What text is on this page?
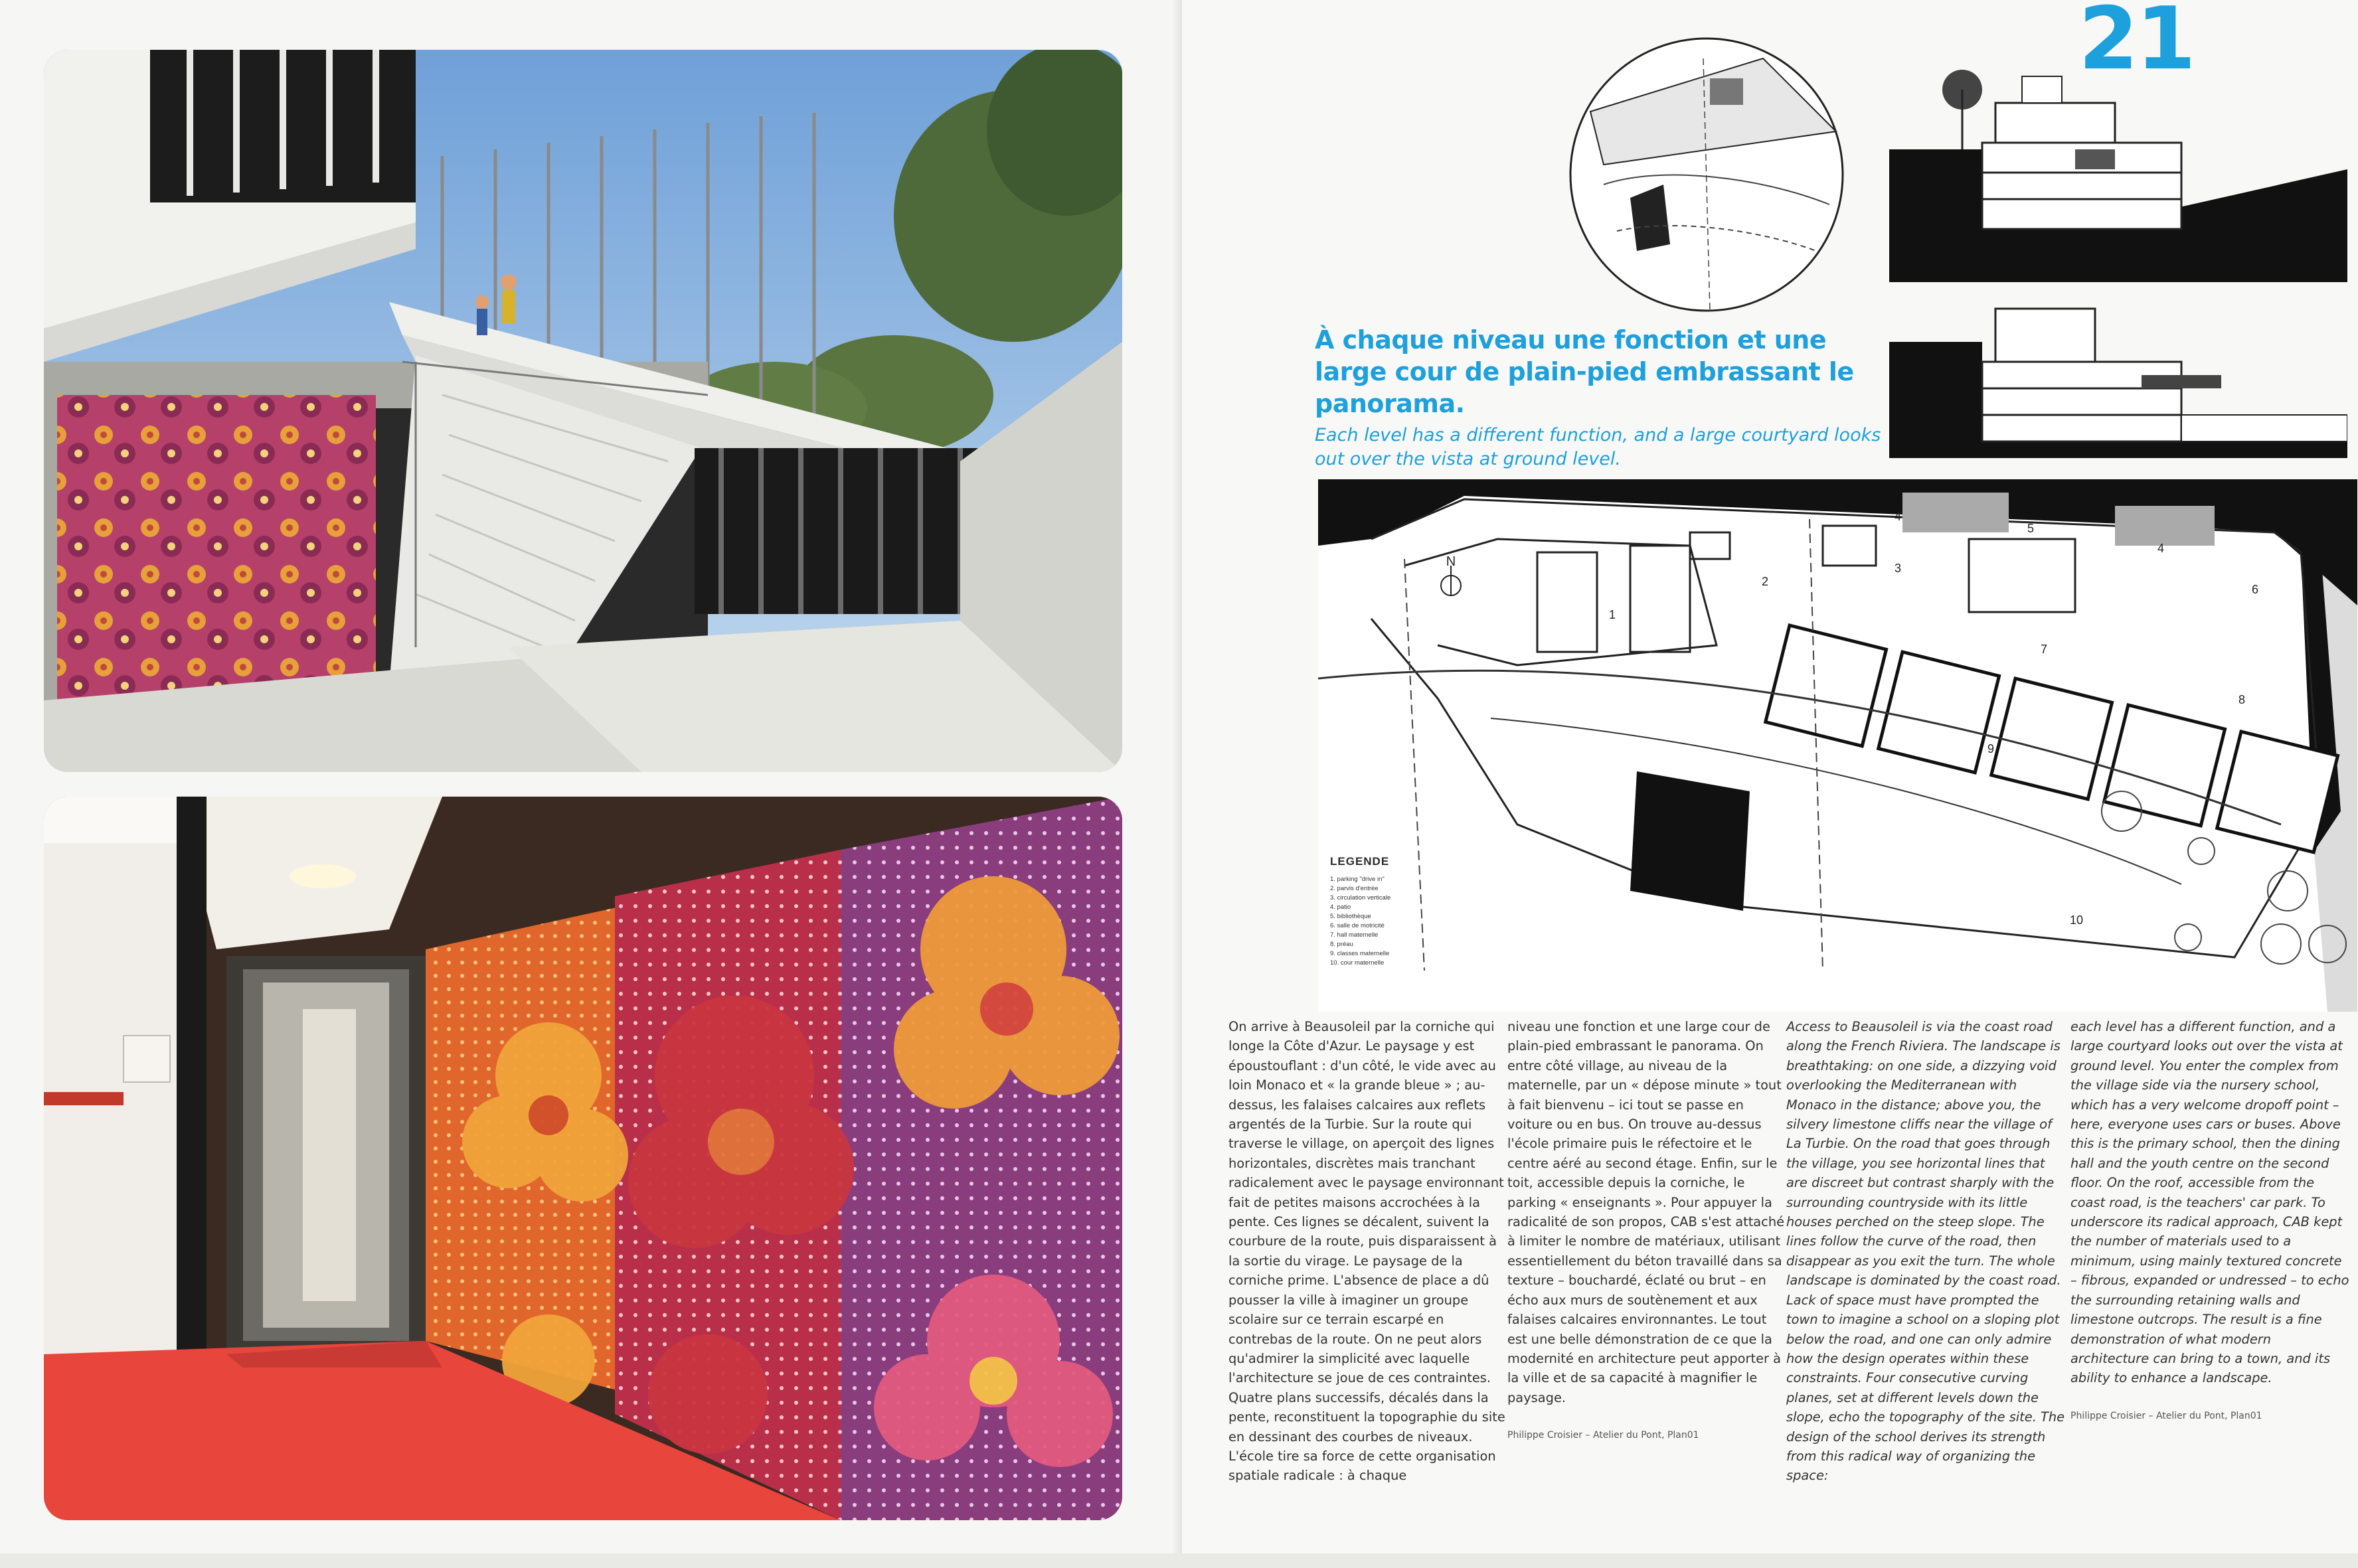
21
À chaque niveau une fonction et une large cour de plain-pied embrassant le panorama.
Each level has a different function, and a large courtyard looks out over the vista at ground level.
N
1
2
3
4
4
5
6
7
8
9
10
LEGENDE
1. parking "drive in"
2. parvis d'entrée
3. circulation verticale
4. patio
5. bibliothèque
6. salle de motricité
7. hall maternelle
8. préau
9. classes maternelle
10. cour maternelle

On arrive à Beausoleil par la corniche qui longe la Côte d'Azur. Le paysage y est époustouflant : d'un côté, le vide avec au loin Monaco et « la grande bleue » ; au-dessus, les falaises calcaires aux reflets argentés de la Turbie. Sur la route qui traverse le village, on aperçoit des lignes horizontales, discrètes mais tranchant radicalement avec le paysage environnant fait de petites maisons accrochées à la pente. Ces lignes se décalent, suivent la courbure de la route, puis disparaissent à la sortie du virage. Le paysage de la corniche prime. L'absence de place a dû pousser la ville à imaginer un groupe scolaire sur ce terrain escarpé en contrebas de la route. On ne peut alors qu'admirer la simplicité avec laquelle l'architecture se joue de ces contraintes. Quatre plans successifs, décalés dans la pente, reconstituent la topographie du site en dessinant des courbes de niveaux. L'école tire sa force de cette organisation spatiale radicale : à chaque

niveau une fonction et une large cour de plain-pied embrassant le panorama. On entre côté village, au niveau de la maternelle, par un « dépose minute » tout à fait bienvenu – ici tout se passe en voiture ou en bus. On trouve au-dessus l'école primaire puis le réfectoire et le centre aéré au second étage. Enfin, sur le toit, accessible depuis la corniche, le parking « enseignants ». Pour appuyer la radicalité de son propos, CAB s'est attaché à limiter le nombre de matériaux, utilisant essentiellement du béton travaillé dans sa texture – bouchardé, éclaté ou brut – en écho aux murs de soutènement et aux falaises calcaires environnantes. Le tout est une belle démonstration de ce que la modernité en architecture peut apporter à la ville et de sa capacité à magnifier le paysage.

Philippe Croisier – Atelier du Pont, Plan01

Access to Beausoleil is via the coast road along the French Riviera. The landscape is breathtaking: on one side, a dizzying void overlooking the Mediterranean with Monaco in the distance; above you, the silvery limestone cliffs near the village of La Turbie. On the road that goes through the village, you see horizontal lines that are discreet but contrast sharply with the surrounding countryside with its little houses perched on the steep slope. The lines follow the curve of the road, then disappear as you exit the turn. The whole landscape is dominated by the coast road. Lack of space must have prompted the town to imagine a school on a sloping plot below the road, and one can only admire how the design operates within these constraints. Four consecutive curving planes, set at different levels down the slope, echo the topography of the site. The design of the school derives its strength from this radical way of organizing the space:

each level has a different function, and a large courtyard looks out over the vista at ground level. You enter the complex from the village side via the nursery school, which has a very welcome dropoff point – here, everyone uses cars or buses. Above this is the primary school, then the dining hall and the youth centre on the second floor. On the roof, accessible from the coast road, is the teachers' car park. To underscore its radical approach, CAB kept the number of materials used to a minimum, using mainly textured concrete – fibrous, expanded or undressed – to echo the surrounding retaining walls and limestone outcrops. The result is a fine demonstration of what modern architecture can bring to a town, and its ability to enhance a landscape.

Philippe Croisier – Atelier du Pont, Plan01
